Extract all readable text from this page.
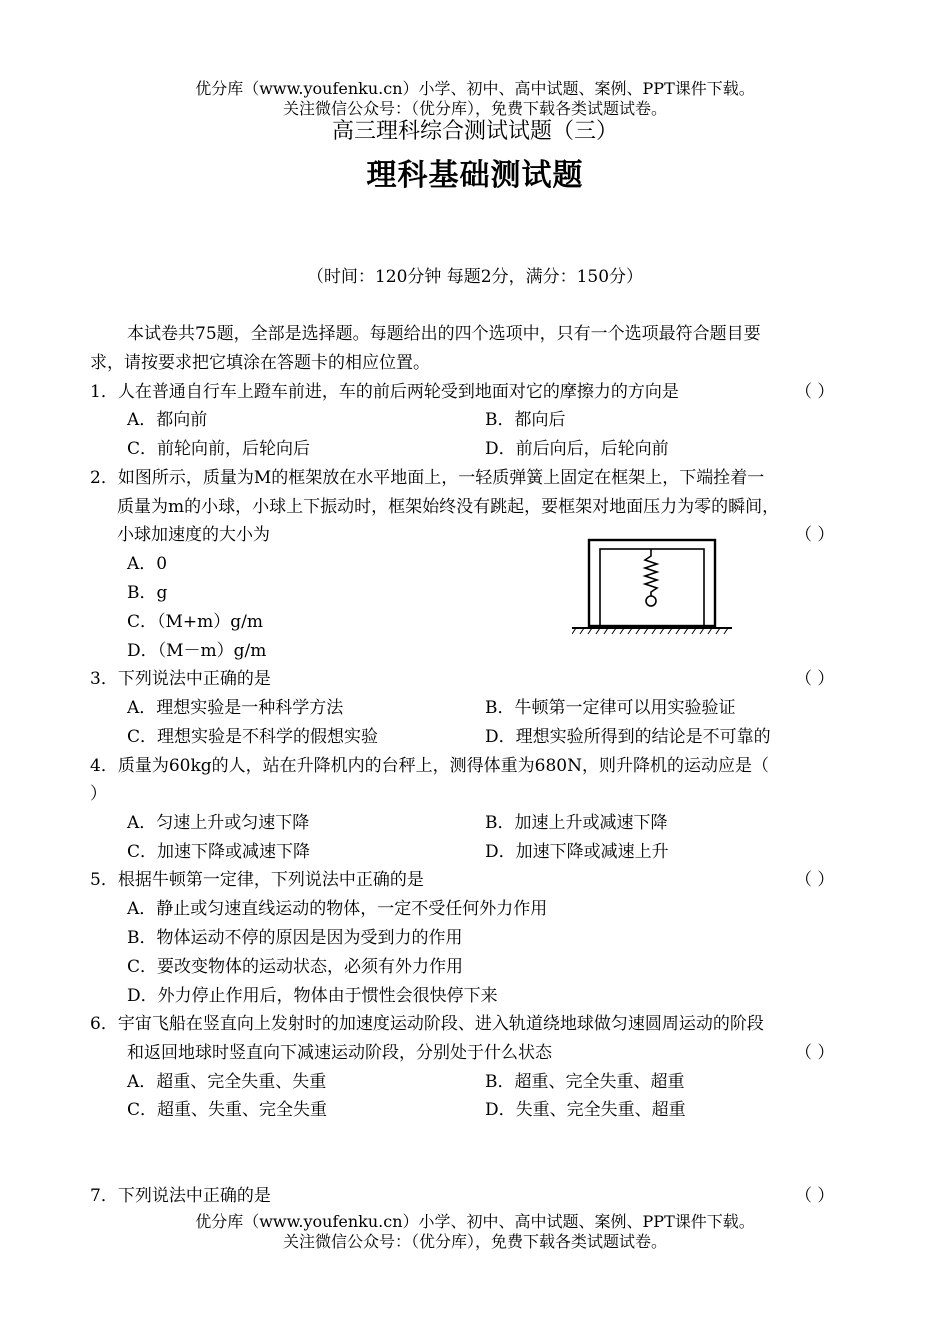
优分库（www.youfenku.cn）小学、初中、高中试题、案例、PPT课件下载。
关注微信公众号：（优分库），免费下载各类试题试卷。
高三理科综合测试试题（三）
理科基础测试题
（时间：120分钟 每题2分，满分：150分）
本试卷共75题，全部是选择题。每题给出的四个选项中，只有一个选项最符合题目要
求，请按要求把它填涂在答题卡的相应位置。
1．人在普通自行车上蹬车前进，车的前后两轮受到地面对它的摩擦力的方向是	（ ）
A．都向前	B．都向后
C．前轮向前，后轮向后	D．前后向后，后轮向前
2．如图所示，质量为M的框架放在水平地面上，一轻质弹簧上固定在框架上，下端拴着一
质量为m的小球，小球上下振动时，框架始终没有跳起，要框架对地面压力为零的瞬间，
小球加速度的大小为	（ ）
A．0
B．g
C．（M+m）g/m
D．（M－m）g/m
3．下列说法中正确的是	（ ）
A．理想实验是一种科学方法	B．牛顿第一定律可以用实验验证
C．理想实验是不科学的假想实验	D．理想实验所得到的结论是不可靠的
4．质量为60kg的人，站在升降机内的台秤上，测得体重为680N，则升降机的运动应是（
）
A．匀速上升或匀速下降	B．加速上升或减速下降
C．加速下降或减速下降	D．加速下降或减速上升
5．根据牛顿第一定律，下列说法中正确的是	（ ）
A．静止或匀速直线运动的物体，一定不受任何外力作用
B．物体运动不停的原因是因为受到力的作用
C．要改变物体的运动状态，必须有外力作用
D．外力停止作用后，物体由于惯性会很快停下来
6．宇宙飞船在竖直向上发射时的加速度运动阶段、进入轨道绕地球做匀速圆周运动的阶段
和返回地球时竖直向下减速运动阶段，分别处于什么状态	（ ）
A．超重、完全失重、失重	B．超重、完全失重、超重
C．超重、失重、完全失重	D．失重、完全失重、超重
7．下列说法中正确的是	（ ）
优分库（www.youfenku.cn）小学、初中、高中试题、案例、PPT课件下载。
关注微信公众号：（优分库），免费下载各类试题试卷。
